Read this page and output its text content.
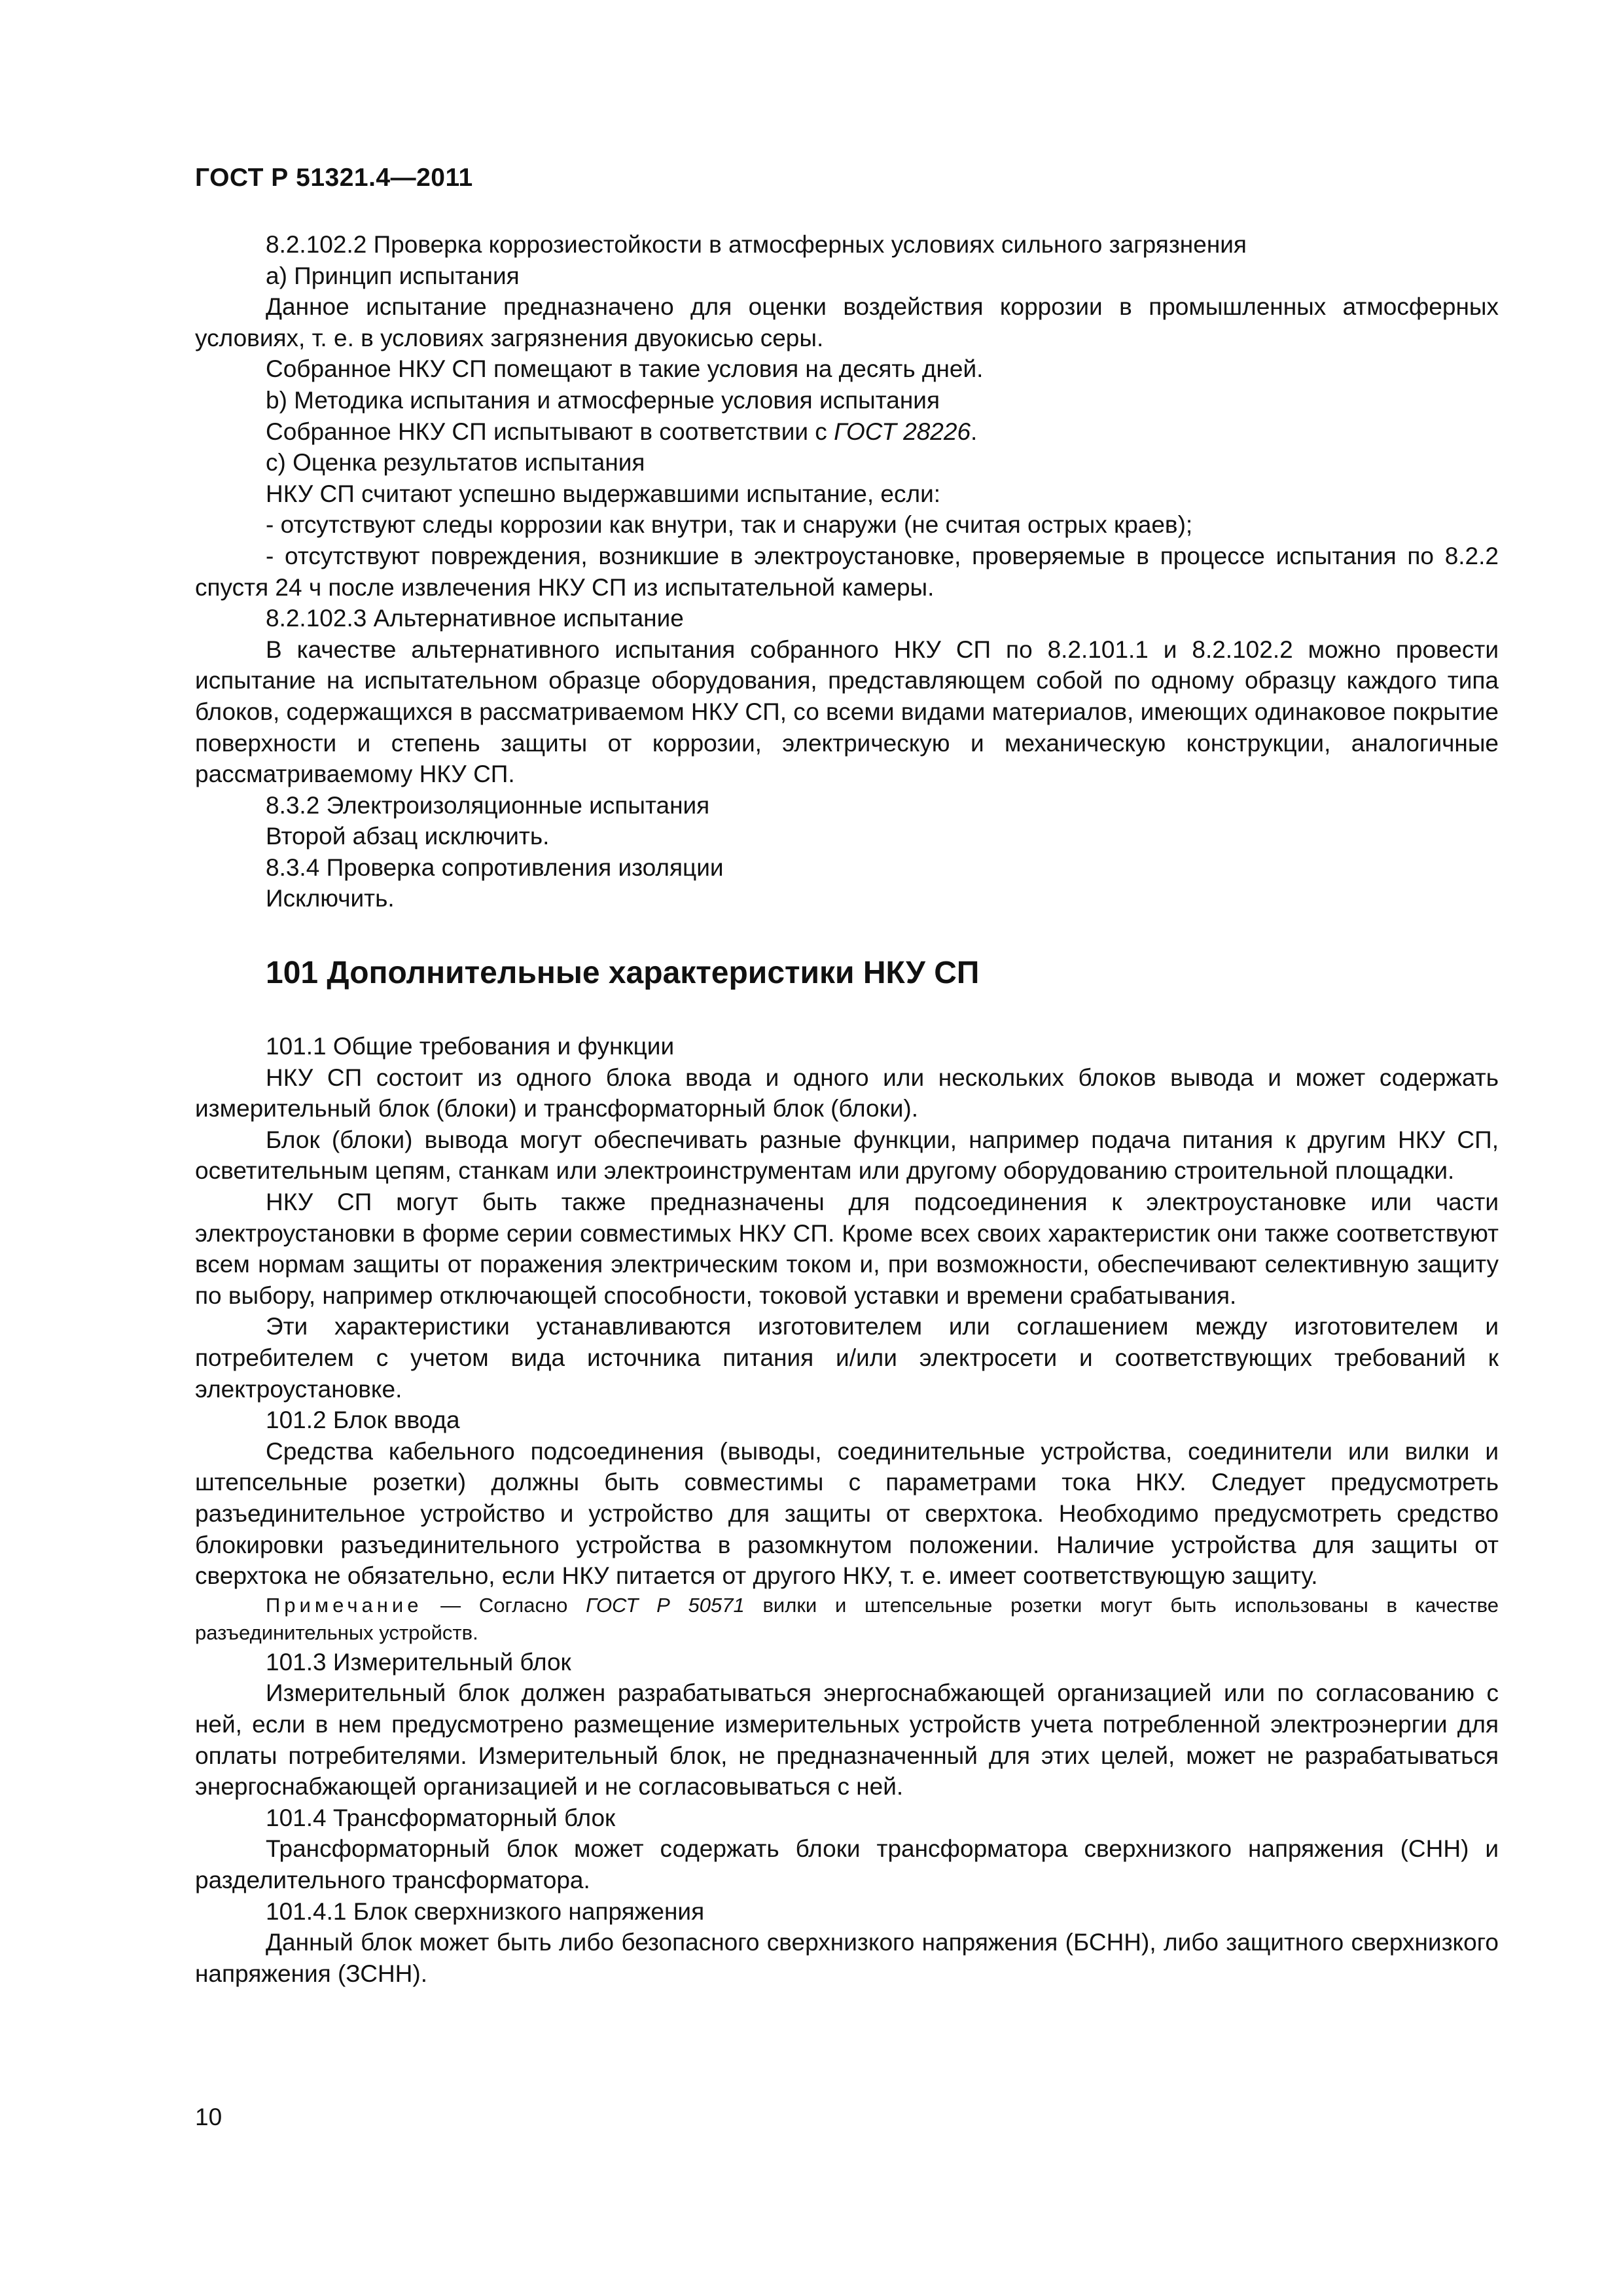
ГОСТ Р 51321.4—2011

8.2.102.2 Проверка коррозиестойкости в атмосферных условиях сильного загрязнения

а) Принцип испытания

Данное испытание предназначено для оценки воздействия коррозии в промышленных атмосферных условиях, т. е. в условиях загрязнения двуокисью серы.

Собранное НКУ СП помещают в такие условия на десять дней.

b) Методика испытания и атмосферные условия испытания

Собранное НКУ СП испытывают в соответствии с ГОСТ 28226.

с) Оценка результатов испытания

НКУ СП считают успешно выдержавшими испытание, если:

- отсутствуют следы коррозии как внутри, так и снаружи (не считая острых краев);

- отсутствуют повреждения, возникшие в электроустановке, проверяемые в процессе испытания по 8.2.2 спустя 24 ч после извлечения НКУ СП из испытательной камеры.

8.2.102.3 Альтернативное испытание

В качестве альтернативного испытания собранного НКУ СП по 8.2.101.1 и 8.2.102.2 можно провести испытание на испытательном образце оборудования, представляющем собой по одному образцу каждого типа блоков, содержащихся в рассматриваемом НКУ СП, со всеми видами материалов, имеющих одинаковое покрытие поверхности и степень защиты от коррозии, электрическую и механическую конструкции, аналогичные рассматриваемому НКУ СП.

8.3.2 Электроизоляционные испытания

Второй абзац исключить.

8.3.4 Проверка сопротивления изоляции

Исключить.

101 Дополнительные характеристики НКУ СП

101.1 Общие требования и функции

НКУ СП состоит из одного блока ввода и одного или нескольких блоков вывода и может содержать измерительный блок (блоки) и трансформаторный блок (блоки).

Блок (блоки) вывода могут обеспечивать разные функции, например подача питания к другим НКУ СП, осветительным цепям, станкам или электроинструментам или другому оборудованию строительной площадки.

НКУ СП могут быть также предназначены для подсоединения к электроустановке или части электроустановки в форме серии совместимых НКУ СП. Кроме всех своих характеристик они также соответствуют всем нормам защиты от поражения электрическим током и, при возможности, обеспечивают селективную защиту по выбору, например отключающей способности, токовой уставки и времени срабатывания.

Эти характеристики устанавливаются изготовителем или соглашением между изготовителем и потребителем с учетом вида источника питания и/или электросети и соответствующих требований к электроустановке.

101.2 Блок ввода

Средства кабельного подсоединения (выводы, соединительные устройства, соединители или вилки и штепсельные розетки) должны быть совместимы с параметрами тока НКУ. Следует предусмотреть разъединительное устройство и устройство для защиты от сверхтока. Необходимо предусмотреть средство блокировки разъединительного устройства в разомкнутом положении. Наличие устройства для защиты от сверхтока не обязательно, если НКУ питается от другого НКУ, т. е. имеет соответствующую защиту.

Примечание — Согласно ГОСТ Р 50571 вилки и штепсельные розетки могут быть использованы в качестве разъединительных устройств.

101.3 Измерительный блок

Измерительный блок должен разрабатываться энергоснабжающей организацией или по согласованию с ней, если в нем предусмотрено размещение измерительных устройств учета потребленной электроэнергии для оплаты потребителями. Измерительный блок, не предназначенный для этих целей, может не разрабатываться энергоснабжающей организацией и не согласовываться с ней.

101.4 Трансформаторный блок

Трансформаторный блок может содержать блоки трансформатора сверхнизкого напряжения (СНН) и разделительного трансформатора.

101.4.1 Блок сверхнизкого напряжения

Данный блок может быть либо безопасного сверхнизкого напряжения (БСНН), либо защитного сверхнизкого напряжения (ЗСНН).

10
